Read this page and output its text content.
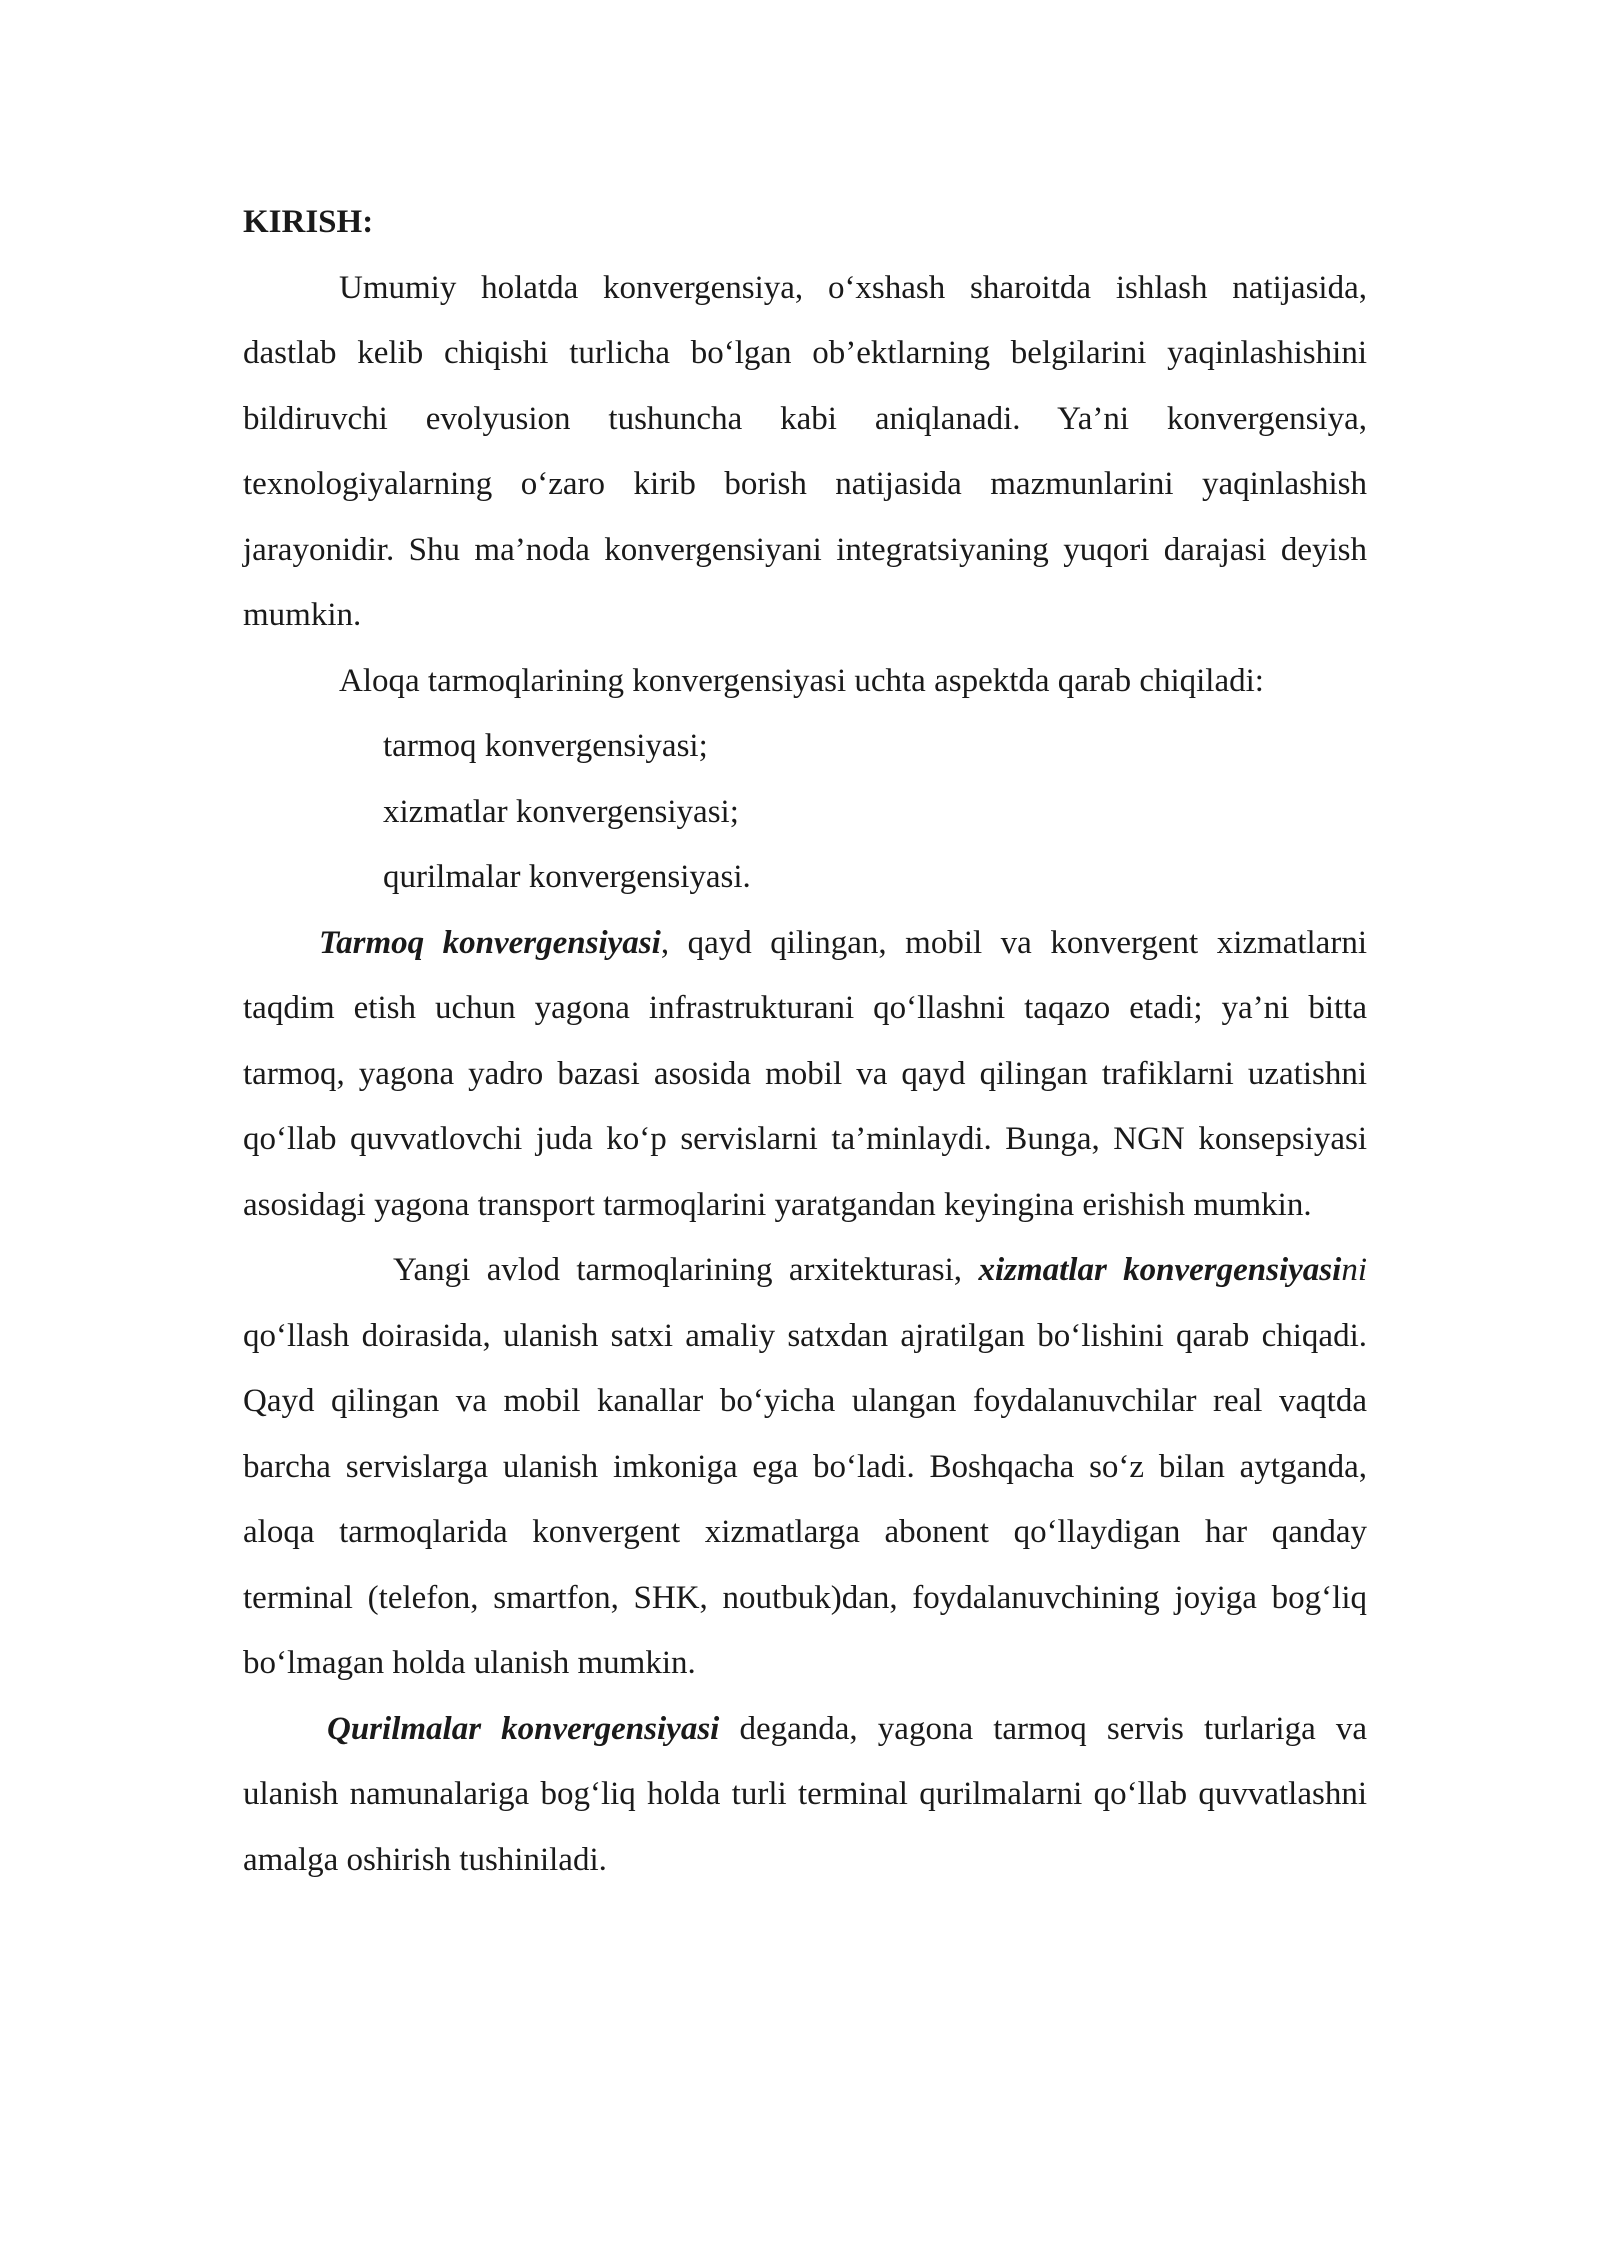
KIRISH:

Umumiy holatda konvergensiya, o‘xshash sharoitda ishlash natijasida, dastlab kelib chiqishi turlicha bo‘lgan ob’ektlarning belgilarini yaqinlashishini bildiruvchi evolyusion tushuncha kabi aniqlanadi. Ya’ni konvergensiya, texnologiyalarning o‘zaro kirib borish natijasida mazmunlarini yaqinlashish jarayonidir. Shu ma’noda konvergensiyani integratsiyaning yuqori darajasi deyish mumkin.

Aloqa tarmoqlarining konvergensiyasi uchta aspektda qarab chiqiladi:

tarmoq konvergensiyasi;
xizmatlar konvergensiyasi;
qurilmalar konvergensiyasi.

Tarmoq konvergensiyasi, qayd qilingan, mobil va konvergent xizmatlarni taqdim etish uchun yagona infrastrukturani qo‘llashni taqazo etadi; ya’ni bitta tarmoq, yagona yadro bazasi asosida mobil va qayd qilingan trafiklarni uzatishni qo‘llab quvvatlovchi juda ko‘p servislarni ta’minlaydi. Bunga, NGN konsepsiyasi asosidagi yagona transport tarmoqlarini yaratgandan keyingina erishish mumkin.

Yangi avlod tarmoqlarining arxitekturasi, xizmatlar konvergensiyasini qo‘llash doirasida, ulanish satxi amaliy satxdan ajratilgan bo‘lishini qarab chiqadi. Qayd qilingan va mobil kanallar bo‘yicha ulangan foydalanuvchilar real vaqtda barcha servislarga ulanish imkoniga ega bo‘ladi. Boshqacha so‘z bilan aytganda, aloqa tarmoqlarida konvergent xizmatlarga abonent qo‘llaydigan har qanday terminal (telefon, smartfon, SHK, noutbuk)dan, foydalanuvchining joyiga bog‘liq bo‘lmagan holda ulanish mumkin.

Qurilmalar konvergensiyasi deganda, yagona tarmoq servis turlariga va ulanish namunalariga bog‘liq holda turli terminal qurilmalarni qo‘llab quvvatlashni amalga oshirish tushiniladi.
